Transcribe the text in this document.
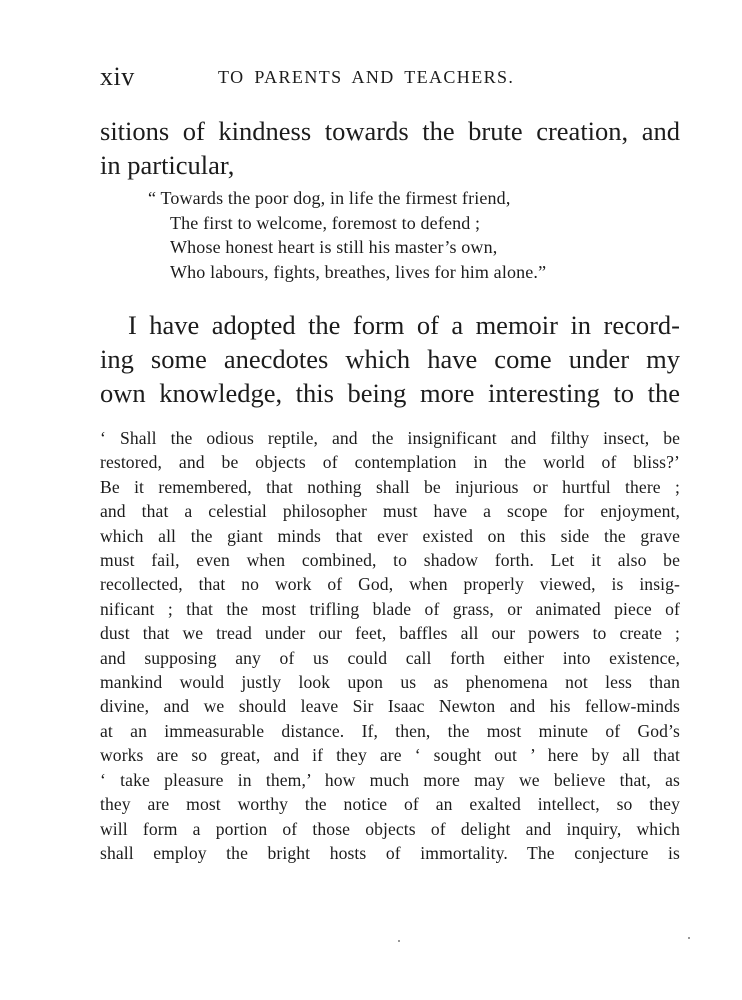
xiv	TO PARENTS AND TEACHERS.
sitions of kindness towards the brute creation, and
in particular,
“ Towards the poor dog, in life the firmest friend,
The first to welcome, foremost to defend ;
Whose honest heart is still his master’s own,
Who labours, fights, breathes, lives for him alone.”
I have adopted the form of a memoir in record-
ing some anecdotes which have come under my
own knowledge, this being more interesting to the
‘ Shall the odious reptile, and the insignificant and filthy insect, be
restored, and be objects of contemplation in the world of bliss?’
Be it remembered, that nothing shall be injurious or hurtful there ;
and that a celestial philosopher must have a scope for enjoyment,
which all the giant minds that ever existed on this side the grave
must fail, even when combined, to shadow forth. Let it also be
recollected, that no work of God, when properly viewed, is insig-
nificant ; that the most trifling blade of grass, or animated piece of
dust that we tread under our feet, baffles all our powers to create ;
and supposing any of us could call forth either into existence,
mankind would justly look upon us as phenomena not less than
divine, and we should leave Sir Isaac Newton and his fellow-minds
at an immeasurable distance. If, then, the most minute of God’s
works are so great, and if they are ‘ sought out ’ here by all that
‘ take pleasure in them,’ how much more may we believe that, as
they are most worthy the notice of an exalted intellect, so they
will form a portion of those objects of delight and inquiry, which
shall employ the bright hosts of immortality. The conjecture is
